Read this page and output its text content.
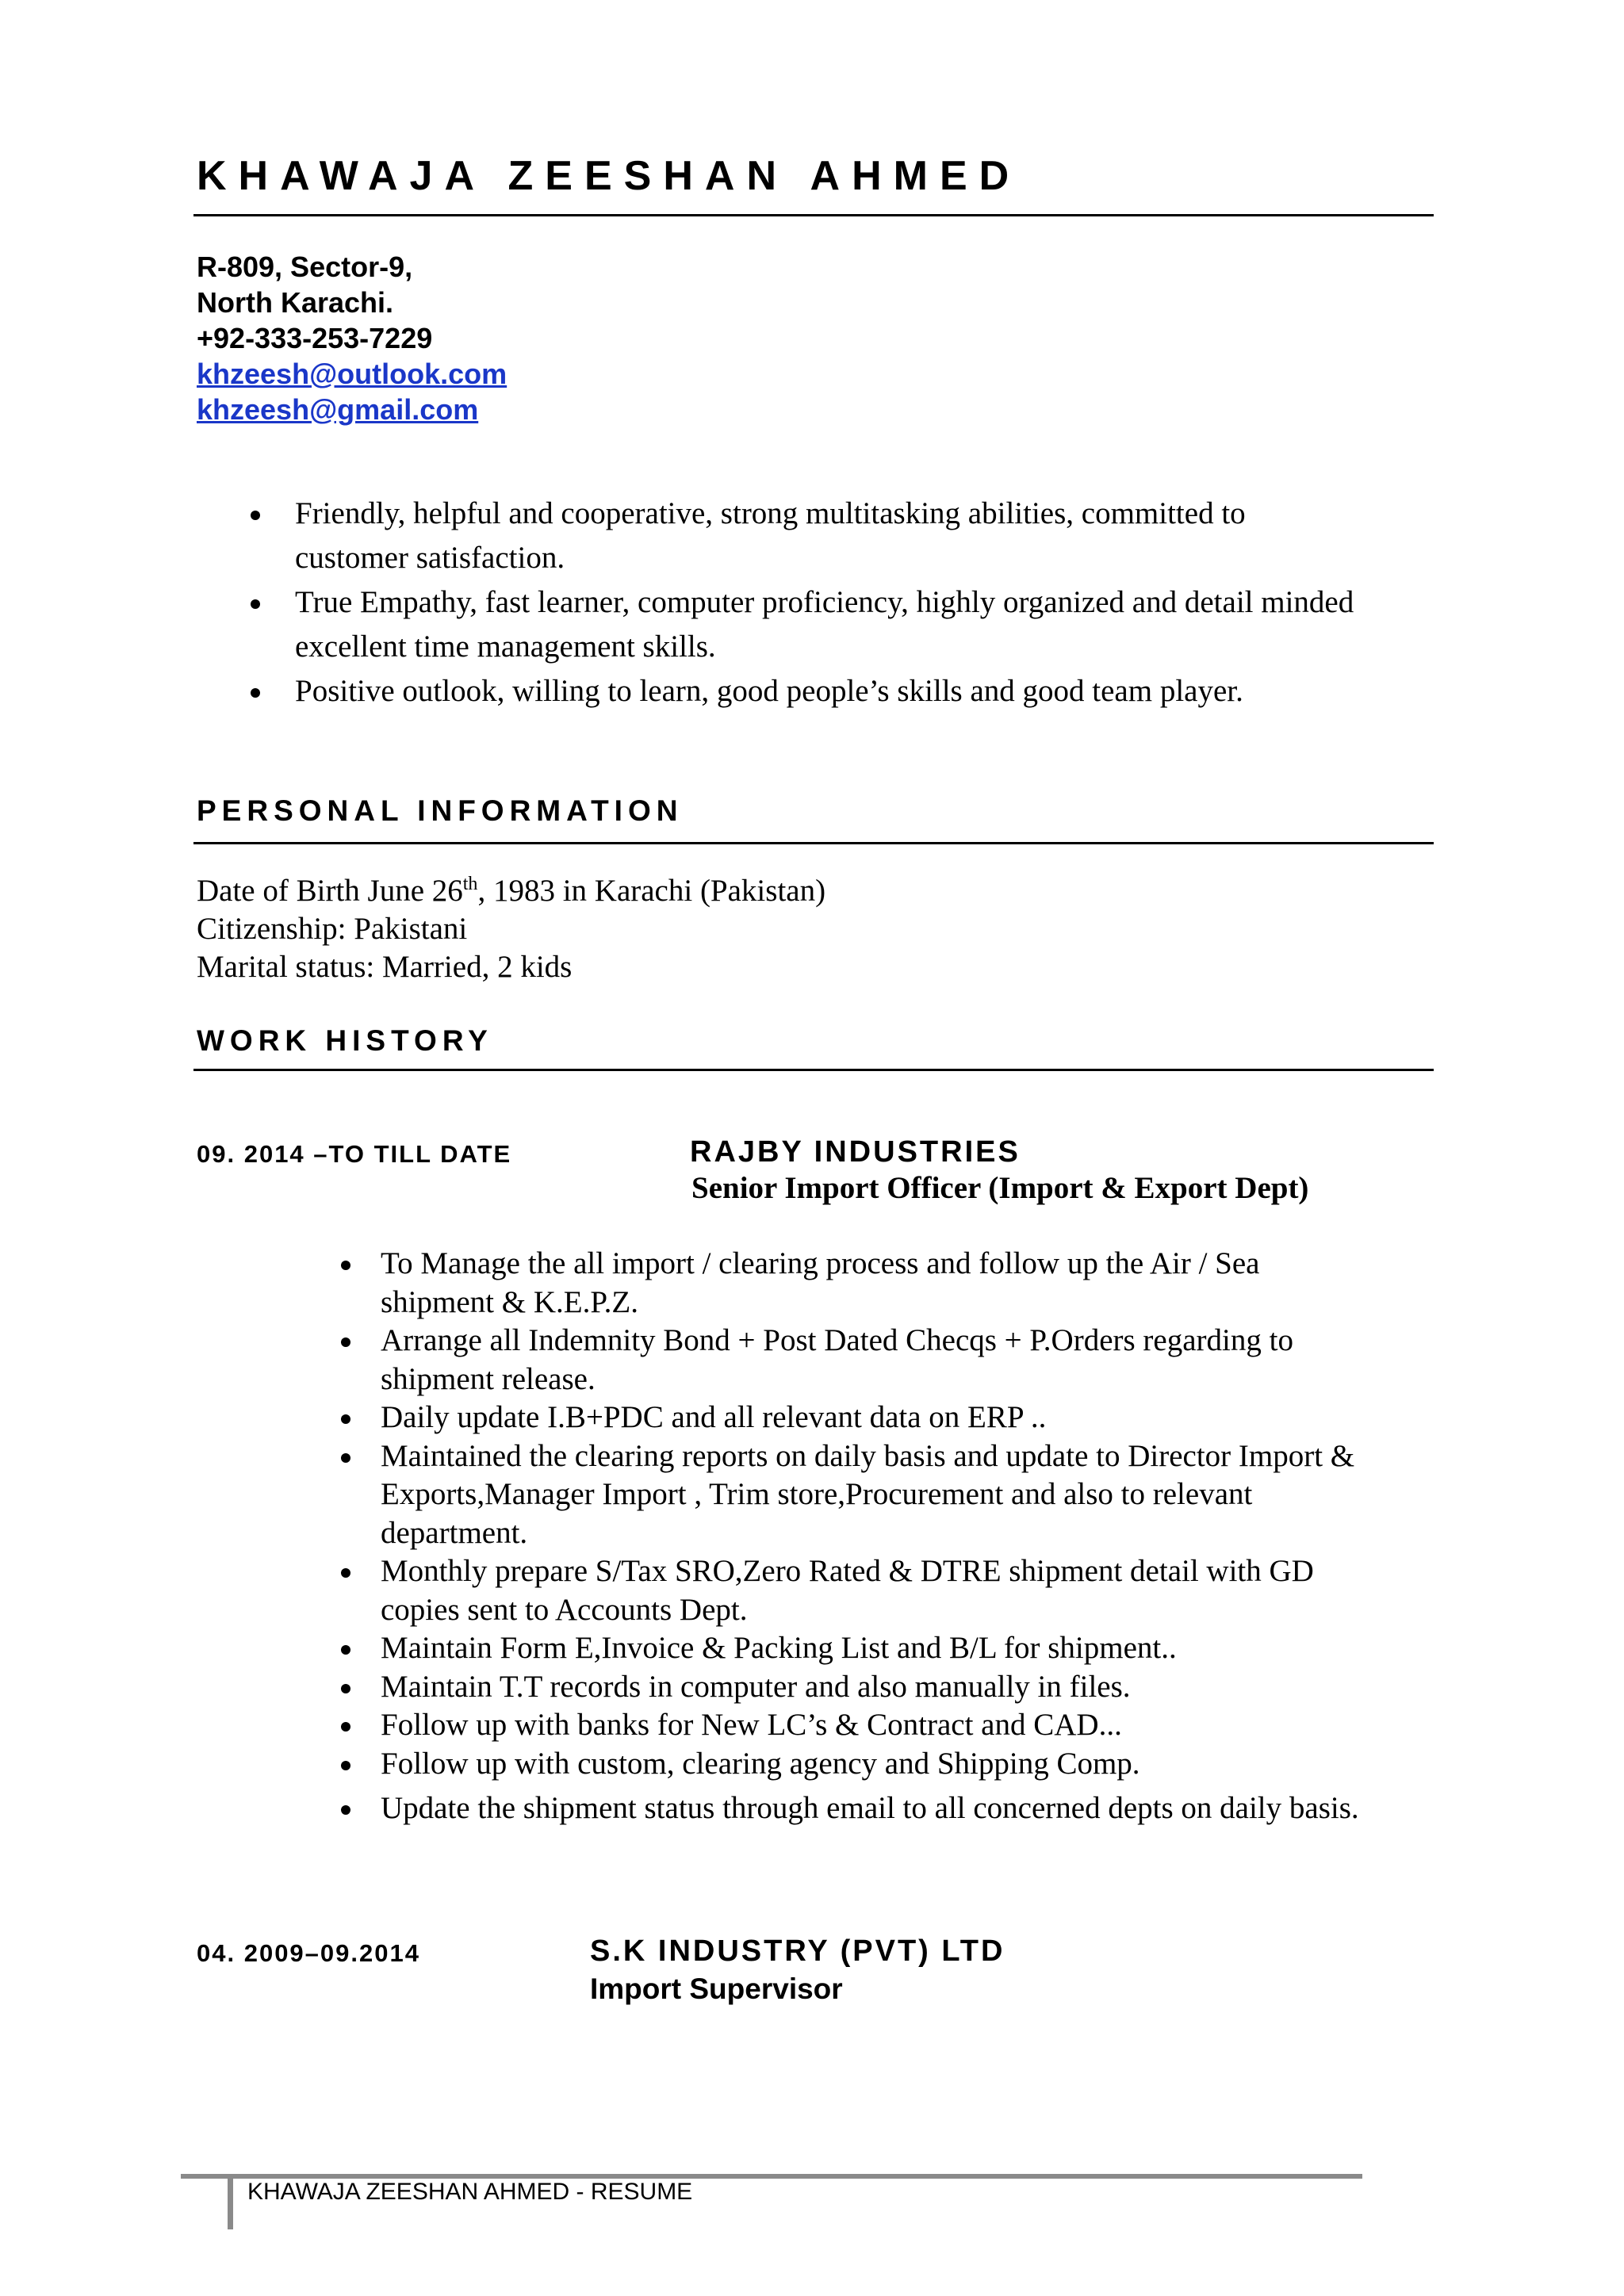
KHAWAJA ZEESHAN AHMED
R-809, Sector-9,
North Karachi.
+92-333-253-7229
khzeesh@outlook.com
khzeesh@gmail.com
Friendly, helpful and cooperative, strong multitasking abilities, committed to
customer satisfaction.
True Empathy, fast learner, computer proficiency, highly organized and detail minded
excellent time management skills.
Positive outlook, willing to learn, good people’s skills and good team player.
PERSONAL INFORMATION
Date of Birth June 26th, 1983 in Karachi (Pakistan)
Citizenship: Pakistani
Marital status: Married, 2 kids
WORK HISTORY
09. 2014 –TO TILL DATE	RAJBY INDUSTRIES
Senior Import Officer (Import & Export Dept)
To Manage the all import / clearing process and follow up the Air / Sea
shipment & K.E.P.Z.
Arrange all Indemnity Bond + Post Dated Checqs + P.Orders regarding to
shipment release.
Daily update I.B+PDC and all relevant data on ERP ..
Maintained the clearing reports on daily basis and update to Director Import &
Exports,Manager Import , Trim store,Procurement and also to relevant
department.
Monthly prepare S/Tax SRO,Zero Rated & DTRE shipment detail with GD
copies sent to Accounts Dept.
Maintain Form E,Invoice & Packing List and B/L for shipment..
Maintain T.T records in computer and also manually in files.
Follow up with banks for New LC’s & Contract and CAD...
Follow up with custom, clearing agency and Shipping Comp.
Update the shipment status through email to all concerned depts on daily basis.
04. 2009–09.2014	S.K INDUSTRY (PVT) LTD
Import Supervisor
KHAWAJA ZEESHAN AHMED - RESUME
